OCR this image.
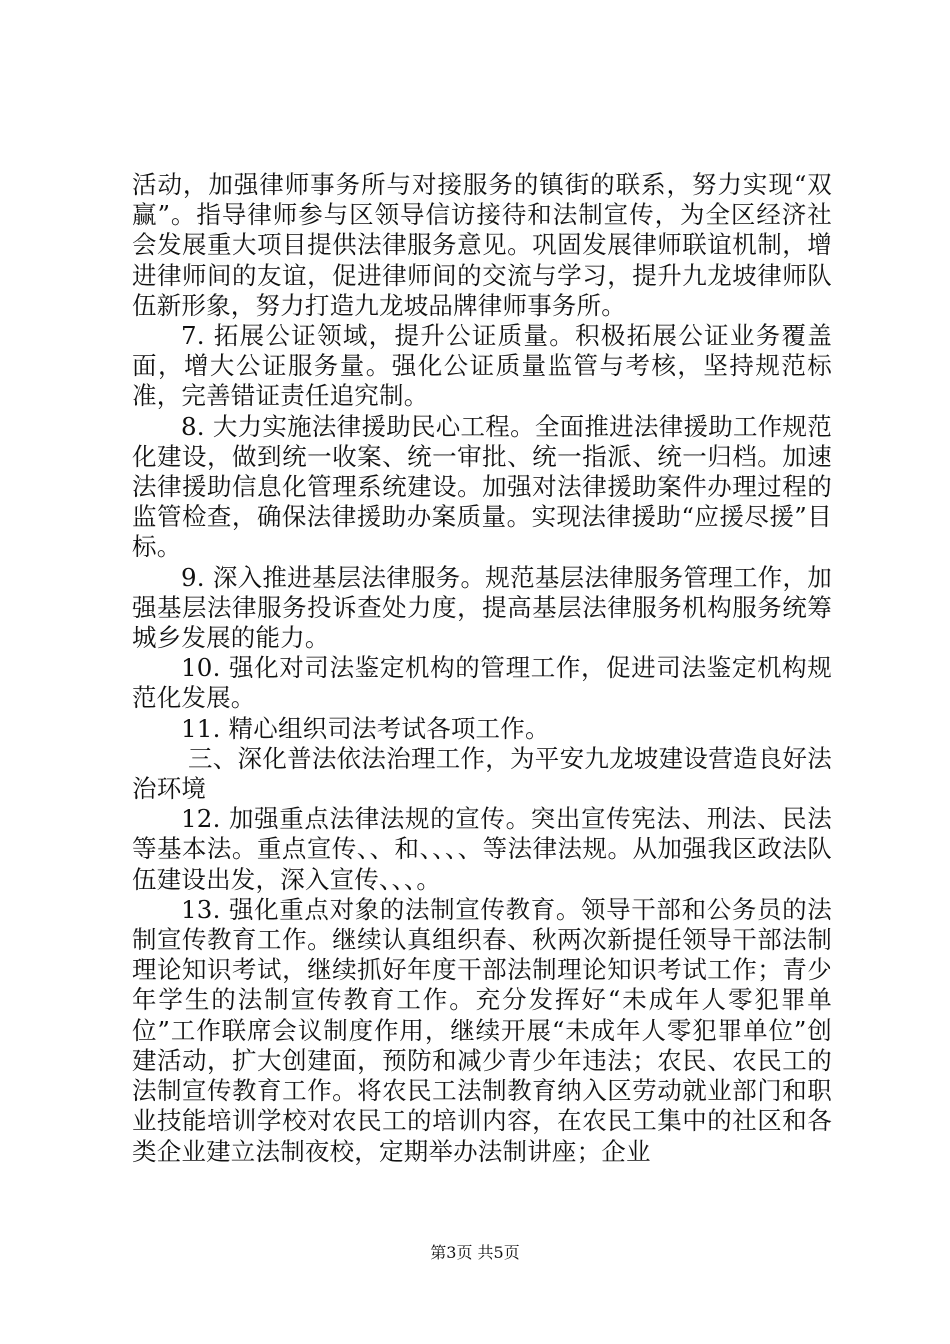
活动，加强律师事务所与对接服务的镇街的联系，努力实现“双赢”。指导律师参与区领导信访接待和法制宣传，为全区经济社会发展重大项目提供法律服务意见。巩固发展律师联谊机制，增进律师间的友谊，促进律师间的交流与学习，提升九龙坡律师队伍新形象，努力打造九龙坡品牌律师事务所。

7. 拓展公证领域，提升公证质量。积极拓展公证业务覆盖面，增大公证服务量。强化公证质量监管与考核，坚持规范标准，完善错证责任追究制。

8. 大力实施法律援助民心工程。全面推进法律援助工作规范化建设，做到统一收案、统一审批、统一指派、统一归档。加速法律援助信息化管理系统建设。加强对法律援助案件办理过程的监管检查，确保法律援助办案质量。实现法律援助“应援尽援”目标。

9. 深入推进基层法律服务。规范基层法律服务管理工作，加强基层法律服务投诉查处力度，提高基层法律服务机构服务统筹城乡发展的能力。

10. 强化对司法鉴定机构的管理工作，促进司法鉴定机构规范化发展。

11. 精心组织司法考试各项工作。

三、深化普法依法治理工作，为平安九龙坡建设营造良好法治环境

12. 加强重点法律法规的宣传。突出宣传宪法、刑法、民法等基本法。重点宣传、、和、、、、等法律法规。从加强我区政法队伍建设出发，深入宣传、、、。

13. 强化重点对象的法制宣传教育。领导干部和公务员的法制宣传教育工作。继续认真组织春、秋两次新提任领导干部法制理论知识考试，继续抓好年度干部法制理论知识考试工作；青少年学生的法制宣传教育工作。充分发挥好“未成年人零犯罪单位”工作联席会议制度作用，继续开展“未成年人零犯罪单位”创建活动，扩大创建面，预防和减少青少年违法；农民、农民工的法制宣传教育工作。将农民工法制教育纳入区劳动就业部门和职业技能培训学校对农民工的培训内容，在农民工集中的社区和各类企业建立法制夜校，定期举办法制讲座；企业

第3页 共5页
